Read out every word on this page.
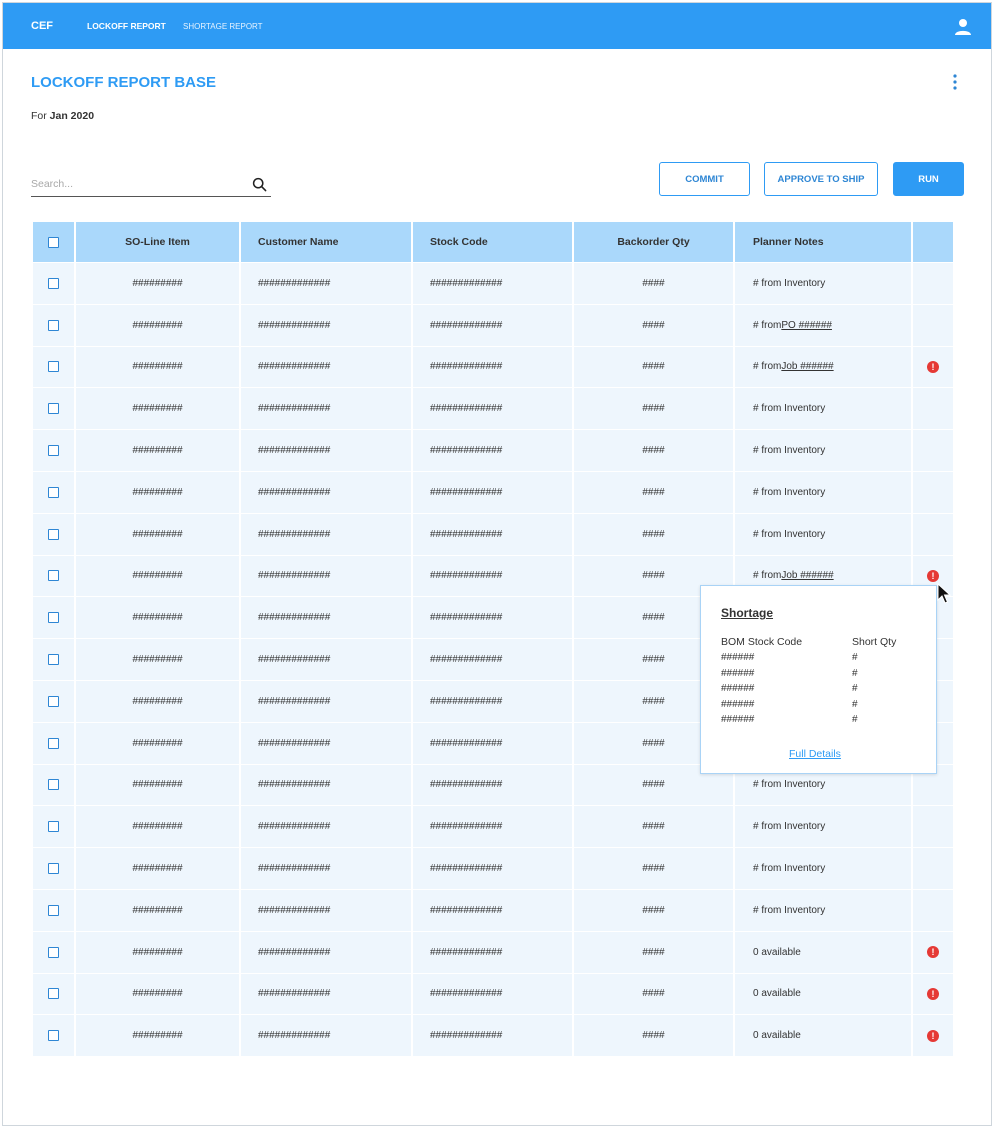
CEF	LOCKOFF REPORT SHORTAGE REPORT
LOCKOFF REPORT BASE
For Jan 2020
Search...
COMMIT	APPROVE TO SHIP	RUN
SO-Line Item	Customer Name	Stock Code	Backorder Qty	Planner Notes
#########	#############	#############	####	# from Inventory
#########	#############	#############	####	# from PO ######
#########	#############	#############	####	# from Job ######	!
#########	#############	#############	####	# from Inventory
#########	#############	#############	####	# from Inventory
#########	#############	#############	####	# from Inventory
#########	#############	#############	####	# from Inventory
#########	#############	#############	####	# from Job ######	!
#########	#############	#############	####
#########	#############	#############	####
#########	#############	#############	####
#########	#############	#############	####
#########	#############	#############	####	# from Inventory
#########	#############	#############	####	# from Inventory
#########	#############	#############	####	# from Inventory
#########	#############	#############	####	# from Inventory
#########	#############	#############	####	0 available	!
#########	#############	#############	####	0 available	!
#########	#############	#############	####	0 available	!
Shortage
BOM Stock Code	Short Qty
######	#
######	#
######	#
######	#
######	#
Full Details
